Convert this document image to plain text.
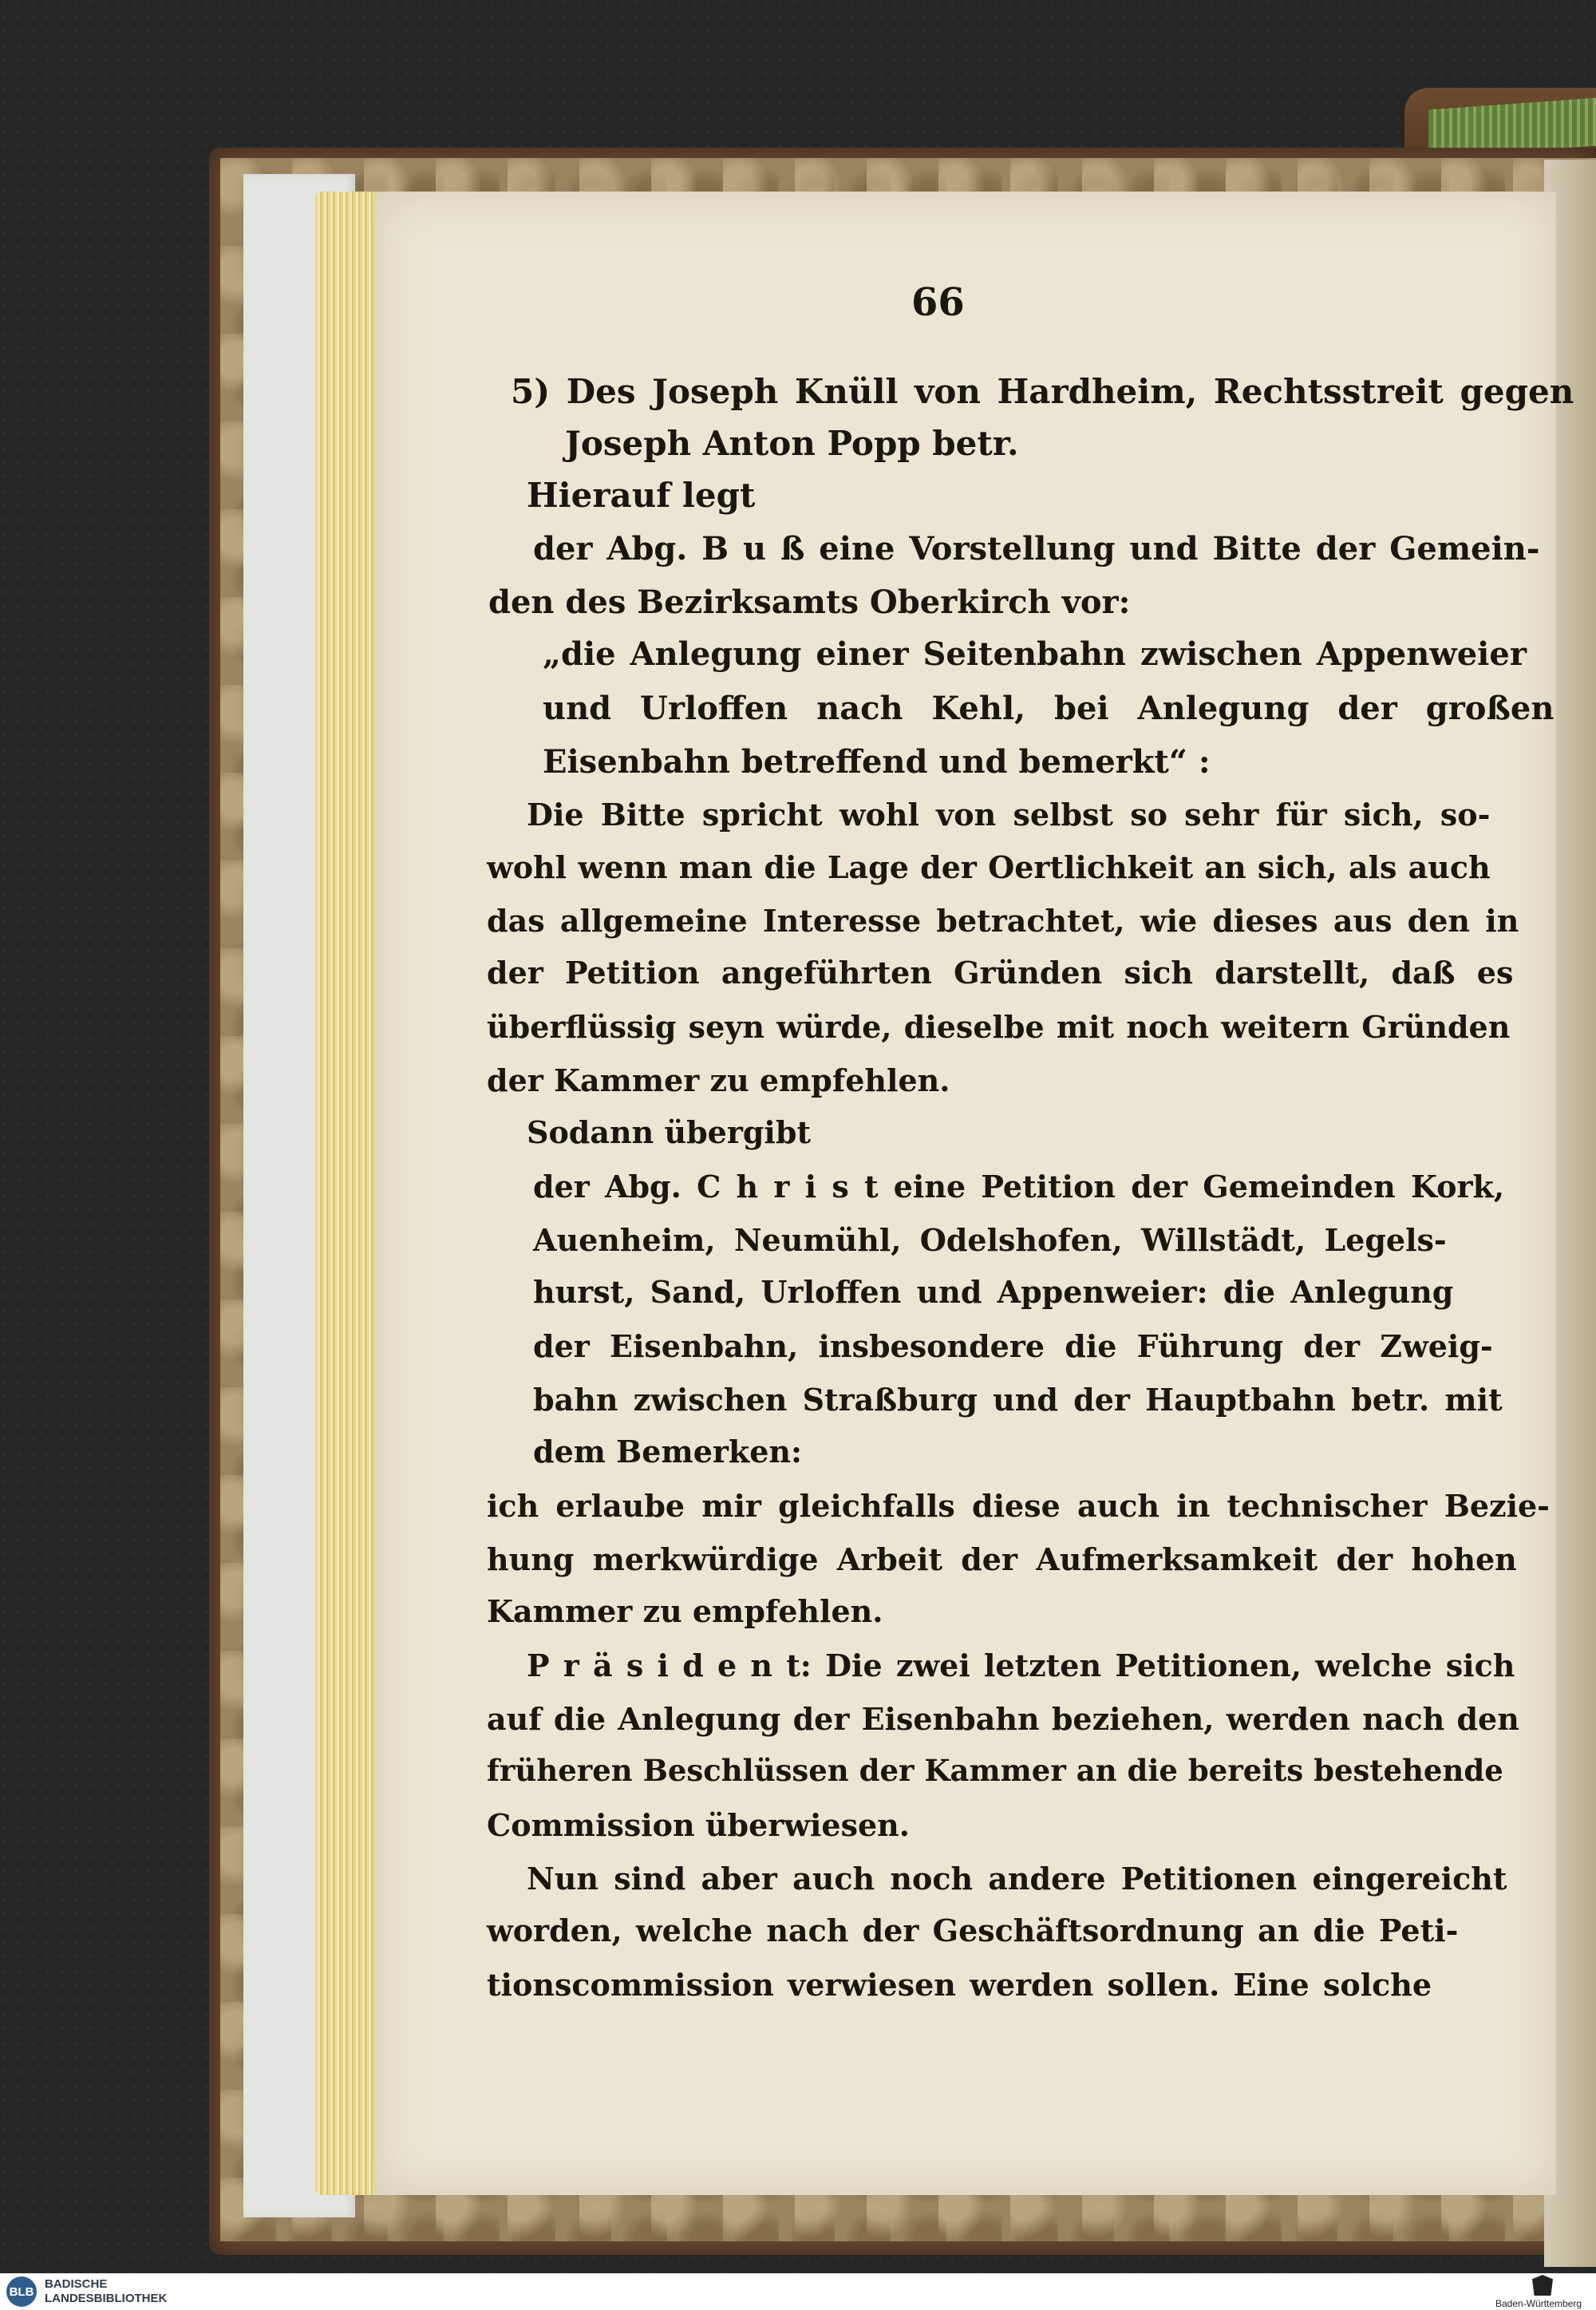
66
5) Des Joseph Knüll von Hardheim, Rechtsstreit gegen
Joseph Anton Popp betr.
Hierauf legt
der Abg. B u ß eine Vorstellung und Bitte der Gemein-
den des Bezirksamts Oberkirch vor:
„die Anlegung einer Seitenbahn zwischen Appenweier
und Urloffen nach Kehl, bei Anlegung der großen
Eisenbahn betreffend und bemerkt“ :
Die Bitte spricht wohl von selbst so sehr für sich, so-
wohl wenn man die Lage der Oertlichkeit an sich, als auch
das allgemeine Interesse betrachtet, wie dieses aus den in
der Petition angeführten Gründen sich darstellt, daß es
überflüssig seyn würde, dieselbe mit noch weitern Gründen
der Kammer zu empfehlen.
Sodann übergibt
der Abg. C h r i s t eine Petition der Gemeinden Kork,
Auenheim, Neumühl, Odelshofen, Willstädt, Legels-
hurst, Sand, Urloffen und Appenweier: die Anlegung
der Eisenbahn, insbesondere die Führung der Zweig-
bahn zwischen Straßburg und der Hauptbahn betr. mit
dem Bemerken:
ich erlaube mir gleichfalls diese auch in technischer Bezie-
hung merkwürdige Arbeit der Aufmerksamkeit der hohen
Kammer zu empfehlen.
P r ä s i d e n t: Die zwei letzten Petitionen, welche sich
auf die Anlegung der Eisenbahn beziehen, werden nach den
früheren Beschlüssen der Kammer an die bereits bestehende
Commission überwiesen.
Nun sind aber auch noch andere Petitionen eingereicht
worden, welche nach der Geschäftsordnung an die Peti-
tionscommission verwiesen werden sollen. Eine solche
BLB
BADISCHE
LANDESBIBLIOTHEK	Baden-Württemberg
